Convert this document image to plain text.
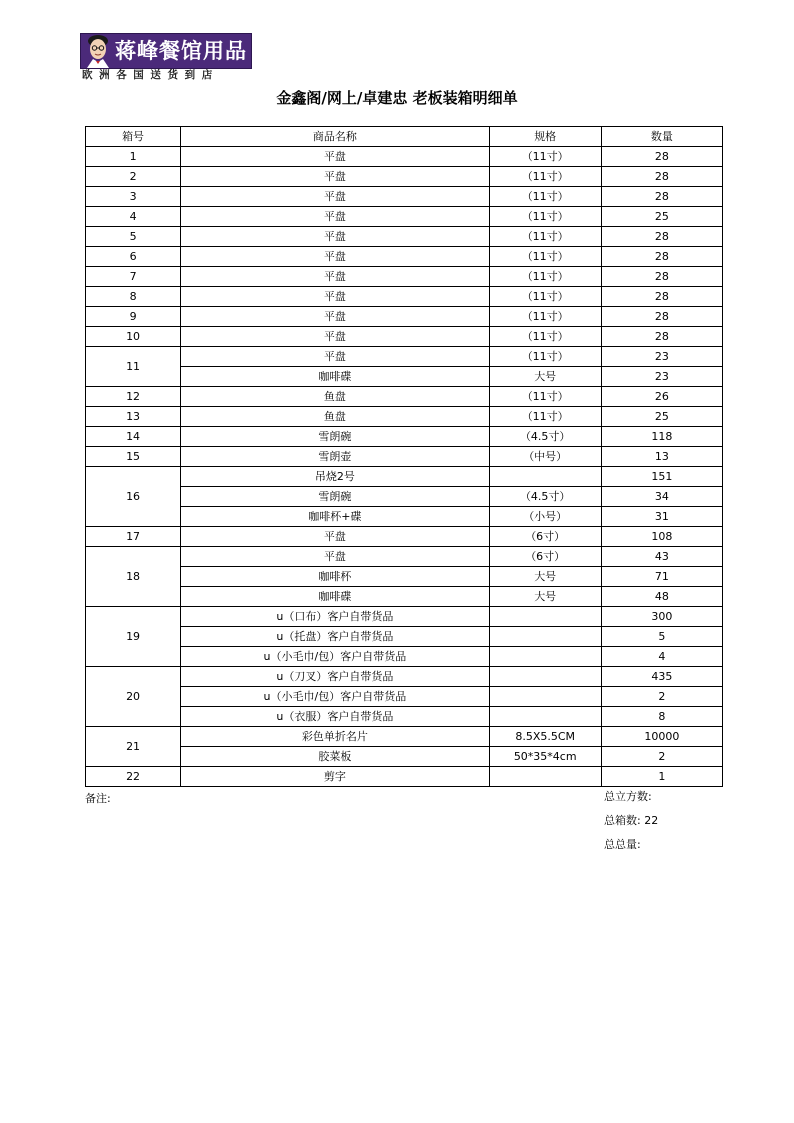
蒋峰餐馆用品
欧洲各国送货到店
金鑫阁/网上/卓建忠 老板装箱明细单
箱号	商品名称	规格	数量
1	平盘	（11寸）	28
2	平盘	（11寸）	28
3	平盘	（11寸）	28
4	平盘	（11寸）	25
5	平盘	（11寸）	28
6	平盘	（11寸）	28
7	平盘	（11寸）	28
8	平盘	（11寸）	28
9	平盘	（11寸）	28
10	平盘	（11寸）	28
11	平盘	（11寸）	23
	咖啡碟	大号	23
12	鱼盘	（11寸）	26
13	鱼盘	（11寸）	25
14	雪朗碗	（4.5寸）	118
15	雪朗壶	（中号）	13
16	吊烧2号		151
	雪朗碗	（4.5寸）	34
	咖啡杯+碟	（小号）	31
17	平盘	（6寸）	108
18	平盘	（6寸）	43
	咖啡杯	大号	71
	咖啡碟	大号	48
19	u（口布）客户自带货品		300
	u（托盘）客户自带货品		5
	u（小毛巾/包）客户自带货品		4
20	u（刀叉）客户自带货品		435
	u（小毛巾/包）客户自带货品		2
	u（衣服）客户自带货品		8
21	彩色单折名片	8.5X5.5CM	10000
	胶菜板	50*35*4cm	2
22	剪字		1
备注:	总立方数:
总箱数: 22
总总量:
